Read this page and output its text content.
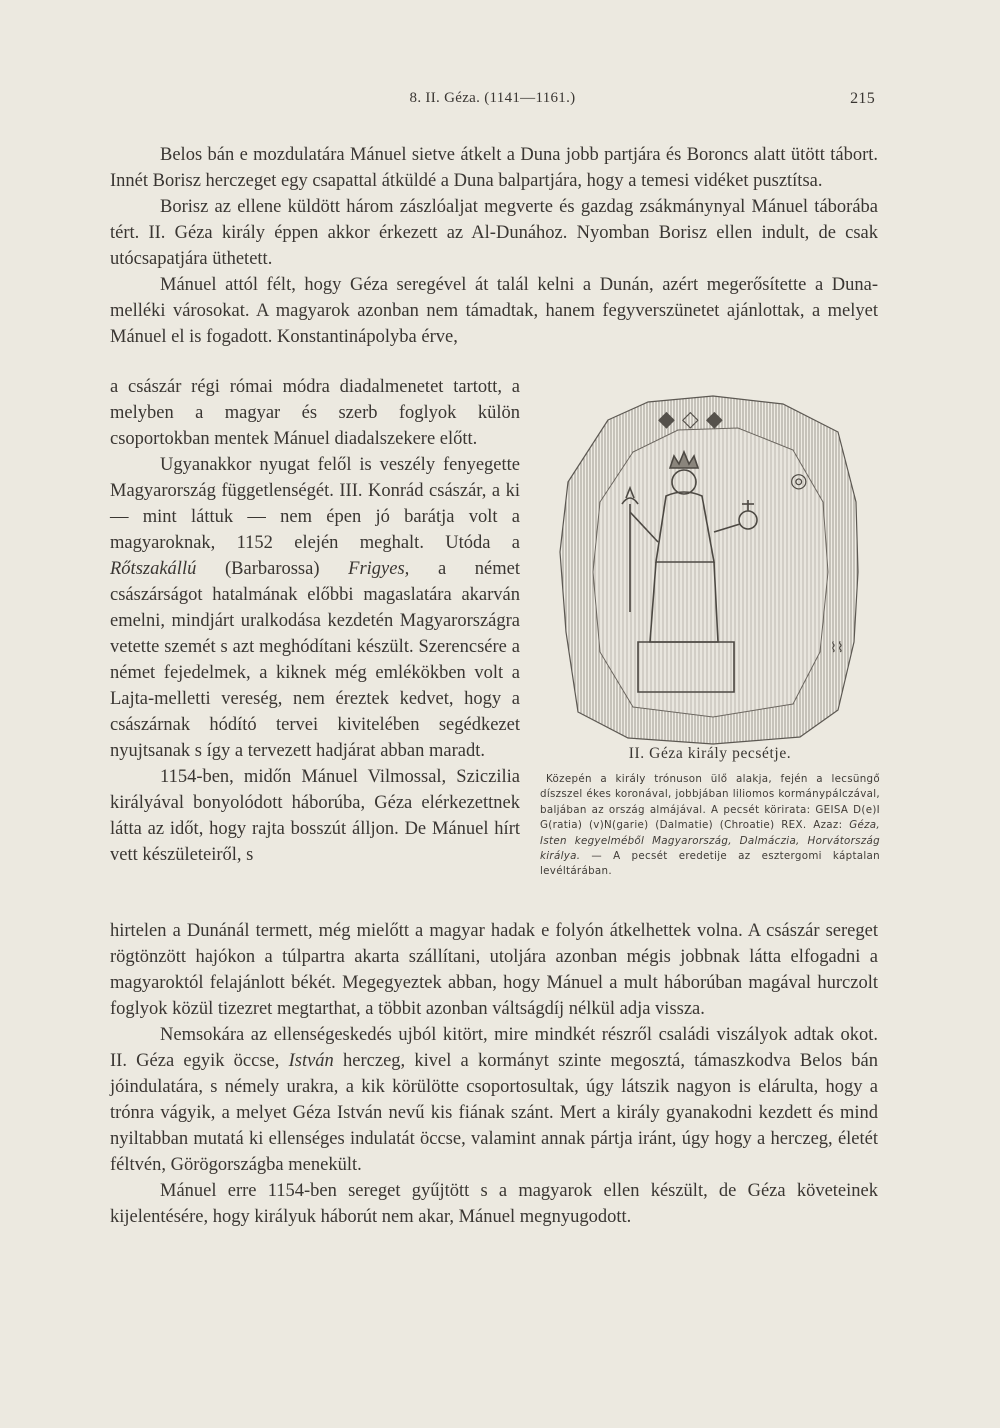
8. II. Géza. (1141—1161.)	215

Belos bán e mozdulatára Mánuel sietve átkelt a Duna jobb partjára és Boroncs alatt ütött tábort. Innét Borisz herczeget egy csapattal átküldé a Duna balpartjára, hogy a temesi vidéket pusztítsa.

Borisz az ellene küldött három zászlóaljat megverte és gazdag zsákmánynyal Mánuel táborába tért. II. Géza király éppen akkor érkezett az Al-Dunához. Nyomban Borisz ellen indult, de csak utócsapatjára üthetett.

Mánuel attól félt, hogy Géza seregével át talál kelni a Dunán, azért megerősítette a Duna-melléki városokat. A magyarok azonban nem támadtak, hanem fegyverszünetet ajánlottak, a melyet Mánuel el is fogadott. Konstantinápolyba érve,

a császár régi római módra diadalmenetet tartott, a melyben a magyar és szerb foglyok külön csoportokban mentek Mánuel diadalszekere előtt.

Ugyanakkor nyugat felől is veszély fenyegette Magyarország függetlenségét. III. Konrád császár, a ki — mint láttuk — nem épen jó barátja volt a magyaroknak, 1152 elején meghalt. Utóda a Rőtszakállú (Barbarossa) Frigyes, a német császárságot hatalmának előbbi magaslatára akarván emelni, mindjárt uralkodása kezdetén Magyarországra vetette szemét s azt meghódítani készült. Szerencsére a német fejedelmek, a kiknek még emlékökben volt a Lajta-melletti vereség, nem éreztek kedvet, hogy a császárnak hódító tervei kivitelében segédkezet nyujtsanak s így a tervezett hadjárat abban maradt.

1154-ben, midőn Mánuel Vilmossal, Sziczilia királyával bonyolódott háborúba, Géza elérkezettnek látta az időt, hogy rajta bosszút álljon. De Mánuel hírt vett készületeiről, s

◆ ◇ ◆
◎
⌇⌇
II. Géza király pecsétje.
Közepén a király trónuson ülő alakja, fején a lecsüngő díszszel ékes koronával, jobbjában liliomos kormánypálczával, baljában az ország almájával. A pecsét körirata: GEISA D(e)I G(ratia) (v)N(garie) (Dalmatie) (Chroatie) REX. Azaz: Géza, Isten kegyelméből Magyarország, Dalmáczia, Horvátország királya. — A pecsét eredetije az esztergomi káptalan levéltárában.

hirtelen a Dunánál termett, még mielőtt a magyar hadak e folyón átkelhettek volna. A császár sereget rögtönzött hajókon a túlpartra akarta szállítani, utoljára azonban mégis jobbnak látta elfogadni a magyaroktól felajánlott békét. Megegyeztek abban, hogy Mánuel a mult háborúban magával hurczolt foglyok közül tizezret megtarthat, a többit azonban váltságdíj nélkül adja vissza.

Nemsokára az ellenségeskedés ujból kitört, mire mindkét részről családi viszályok adtak okot. II. Géza egyik öccse, István herczeg, kivel a kormányt szinte megosztá, támaszkodva Belos bán jóindulatára, s némely urakra, a kik körülötte csoportosultak, úgy látszik nagyon is elárulta, hogy a trónra vágyik, a melyet Géza István nevű kis fiának szánt. Mert a király gyanakodni kezdett és mind nyiltabban mutatá ki ellenséges indulatát öccse, valamint annak pártja iránt, úgy hogy a herczeg, életét féltvén, Görögországba menekült.

Mánuel erre 1154-ben sereget gyűjtött s a magyarok ellen készült, de Géza követeinek kijelentésére, hogy királyuk háborút nem akar, Mánuel megnyugodott.
